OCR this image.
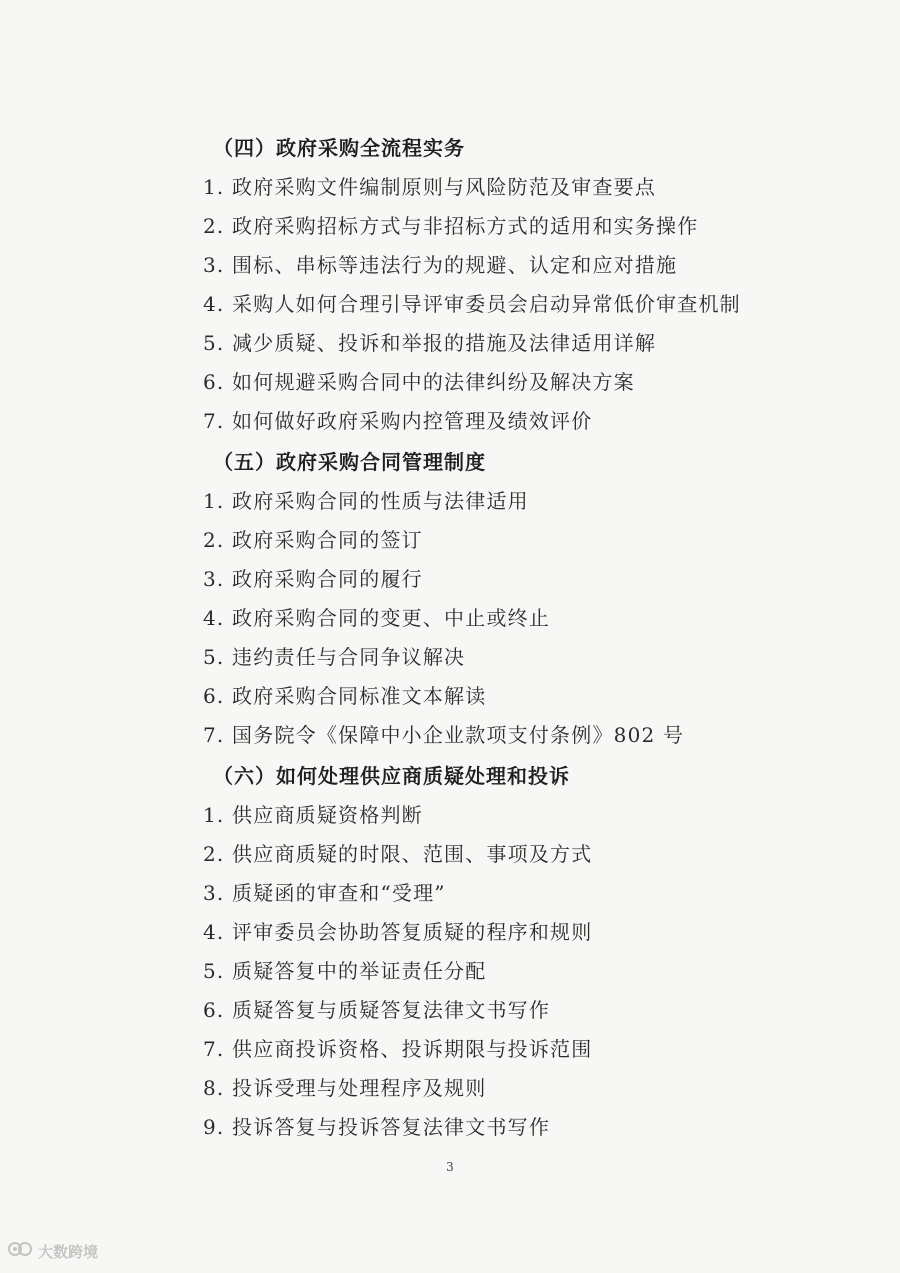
（四）政府采购全流程实务
1. 政府采购文件编制原则与风险防范及审查要点
2. 政府采购招标方式与非招标方式的适用和实务操作
3. 围标、串标等违法行为的规避、认定和应对措施
4. 采购人如何合理引导评审委员会启动异常低价审查机制
5. 减少质疑、投诉和举报的措施及法律适用详解
6. 如何规避采购合同中的法律纠纷及解决方案
7. 如何做好政府采购内控管理及绩效评价
（五）政府采购合同管理制度
1. 政府采购合同的性质与法律适用
2. 政府采购合同的签订
3. 政府采购合同的履行
4. 政府采购合同的变更、中止或终止
5. 违约责任与合同争议解决
6. 政府采购合同标准文本解读
7. 国务院令《保障中小企业款项支付条例》802 号
（六）如何处理供应商质疑处理和投诉
1. 供应商质疑资格判断
2. 供应商质疑的时限、范围、事项及方式
3. 质疑函的审查和“受理”
4. 评审委员会协助答复质疑的程序和规则
5. 质疑答复中的举证责任分配
6. 质疑答复与质疑答复法律文书写作
7. 供应商投诉资格、投诉期限与投诉范围
8. 投诉受理与处理程序及规则
9. 投诉答复与投诉答复法律文书写作
3
大数跨境
